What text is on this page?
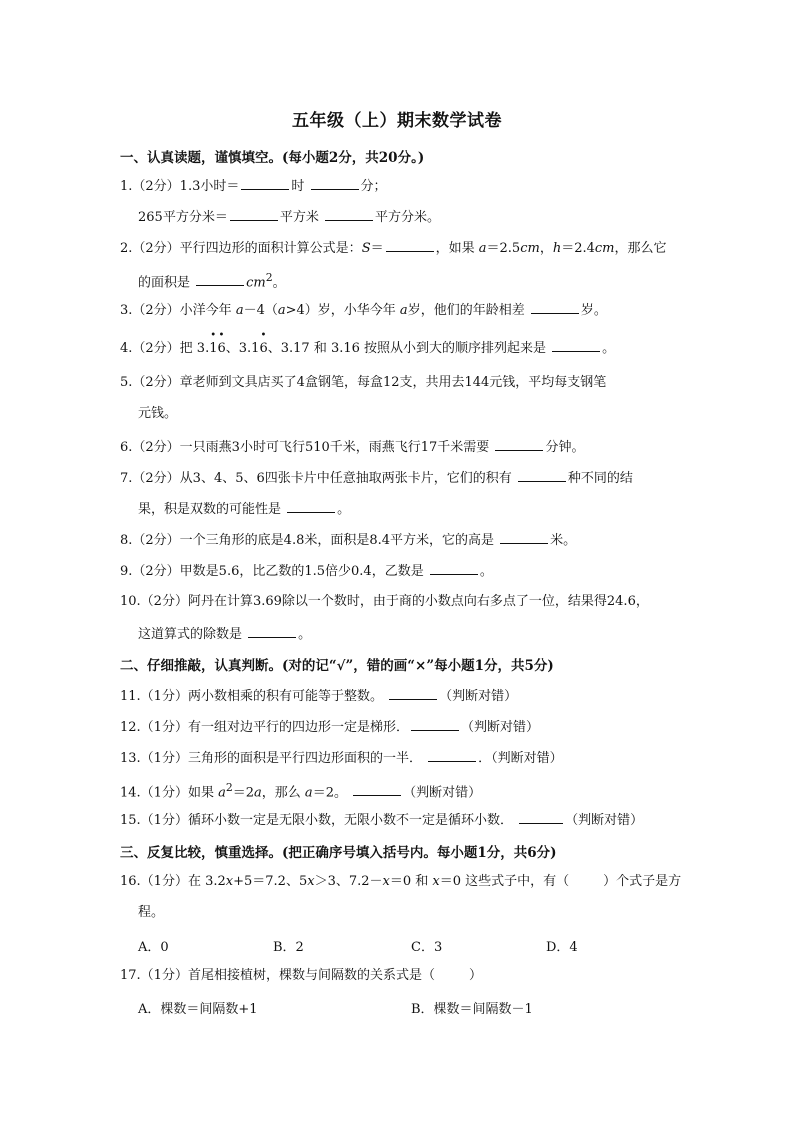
五年级（上）期末数学试卷
一、认真读题，谨慎填空。(每小题2分，共20分。)
1.（2分）1.3小时＝	时	分；
265平方分米＝	平方米	平方分米。
2.（2分）平行四边形的面积计算公式是：S＝	，如果 a＝2.5cm，h＝2.4cm，那么它
的面积是	$cm^2$。
3.（2分）小洋今年 a－4（a>4）岁，小华今年 a岁，他们的年龄相差	岁。
4.（2分）把 3.
•
1
•
6、3.1
•
6、3.17 和 3.16 按照从小到大的顺序排列起来是	。
5.（2分）章老师到文具店买了4盒钢笔，每盒12支，共用去144元钱，平均每支钢笔
元钱。
6.（2分）一只雨燕3小时可飞行510千米，雨燕飞行17千米需要	分钟。
7.（2分）从3、4、5、6四张卡片中任意抽取两张卡片，它们的积有	种不同的结
果，积是双数的可能性是	。
8.（2分）一个三角形的底是4.8米，面积是8.4平方米，它的高是	米。
9.（2分）甲数是5.6，比乙数的1.5倍少0.4，乙数是	。
10.（2分）阿丹在计算3.69除以一个数时，由于商的小数点向右多点了一位，结果得24.6，
这道算式的除数是	。
二、仔细推敲，认真判断。(对的记“√”，错的画“×”每小题1分，共5分)
11.（1分）两小数相乘的积有可能等于整数。	（判断对错）
12.（1分）有一组对边平行的四边形一定是梯形．	（判断对错）
13.（1分）三角形的面积是平行四边形面积的一半．	．（判断对错）
14.（1分）如果 $a^2=2a$，那么 a＝2。	（判断对错）
15.（1分）循环小数一定是无限小数，无限小数不一定是循环小数．	（判断对错）
三、反复比较，慎重选择。(把正确序号填入括号内。每小题1分，共6分)
16.（1分）在 3.2x+5＝7.2、5x＞3、7.2－x＝0 和 x＝0 这些式子中，有（	）个式子是方
程。
A．0	B．2	C．3	D．4
17.（1分）首尾相接植树，棵数与间隔数的关系式是（	）
A．棵数＝间隔数+1	B．棵数＝间隔数－1
